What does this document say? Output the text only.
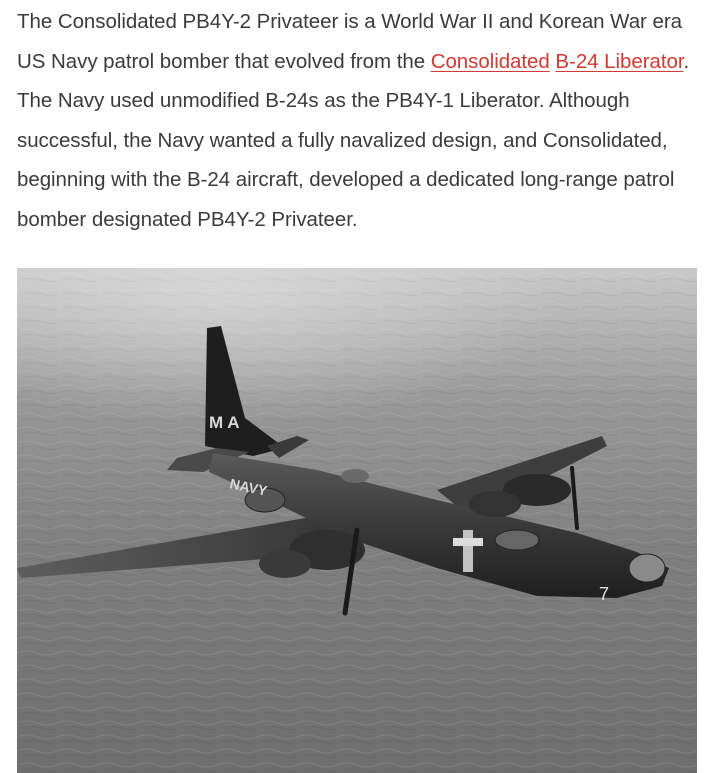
The Consolidated PB4Y-2 Privateer is a World War II and Korean War era US Navy patrol bomber that evolved from the Consolidated B-24 Liberator. The Navy used unmodified B-24s as the PB4Y-1 Liberator. Although successful, the Navy wanted a fully navalized design, and Consolidated, beginning with the B-24 aircraft, developed a dedicated long-range patrol bomber designated PB4Y-2 Privateer.

M A
NAVY
7
